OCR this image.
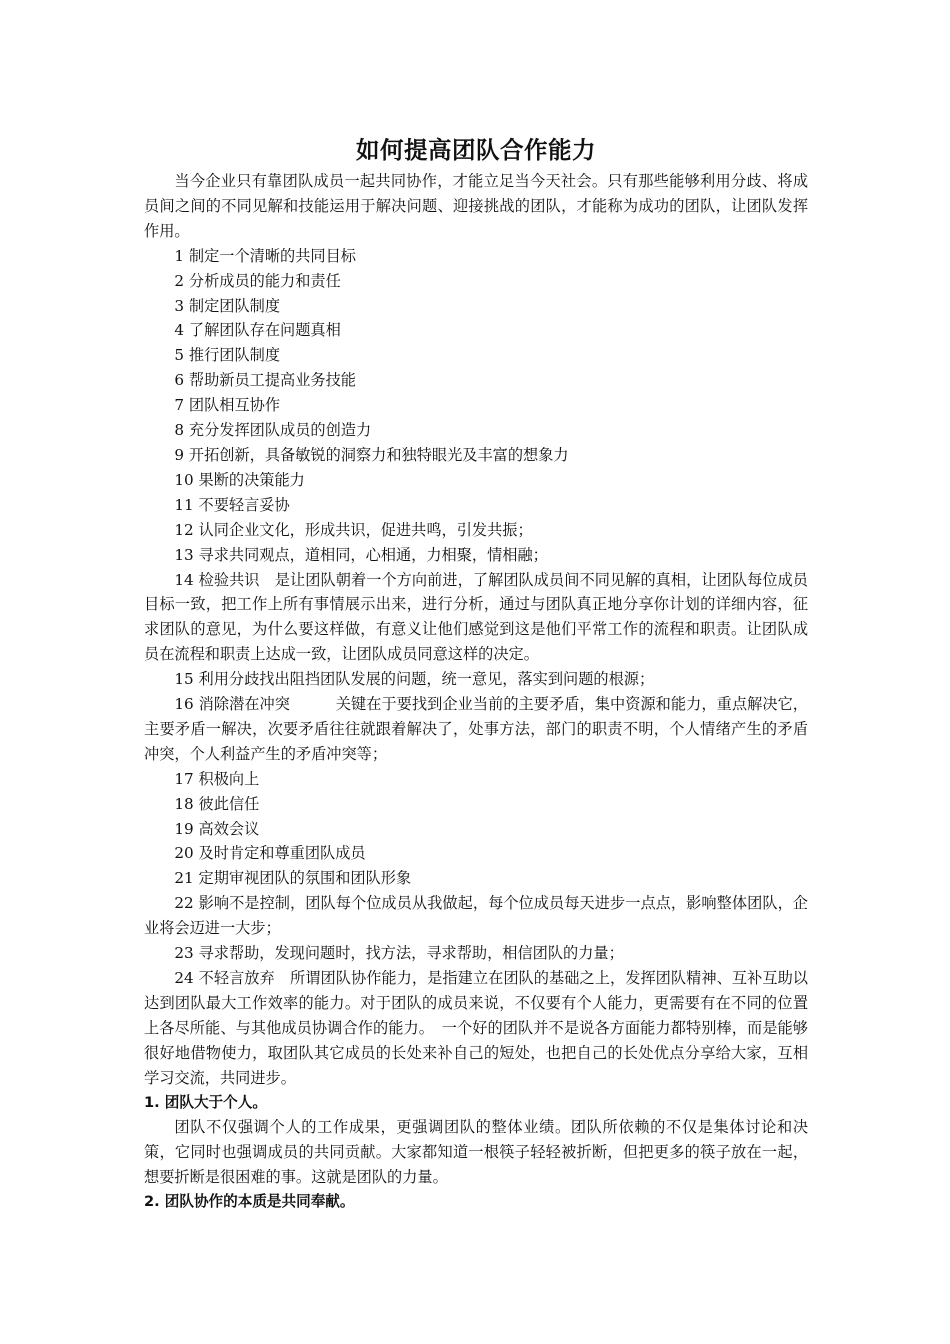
如何提高团队合作能力

当今企业只有靠团队成员一起共同协作，才能立足当今天社会。只有那些能够利用分歧、将成员间之间的不同见解和技能运用于解决问题、迎接挑战的团队，才能称为成功的团队，让团队发挥作用。

1 制定一个清晰的共同目标

2 分析成员的能力和责任

3 制定团队制度

4 了解团队存在问题真相

5 推行团队制度

6 帮助新员工提高业务技能

7 团队相互协作

8 充分发挥团队成员的创造力

9 开拓创新，具备敏锐的洞察力和独特眼光及丰富的想象力

10 果断的决策能力

11 不要轻言妥协

12 认同企业文化，形成共识，促进共鸣，引发共振；

13 寻求共同观点，道相同，心相通，力相聚，情相融；

14 检验共识　是让团队朝着一个方向前进，了解团队成员间不同见解的真相，让团队每位成员目标一致，把工作上所有事情展示出来，进行分析，通过与团队真正地分享你计划的详细内容，征求团队的意见，为什么要这样做，有意义让他们感觉到这是他们平常工作的流程和职责。让团队成员在流程和职责上达成一致，让团队成员同意这样的决定。

15 利用分歧找出阻挡团队发展的问题，统一意见，落实到问题的根源；

16 消除潜在冲突　　　关键在于要找到企业当前的主要矛盾，集中资源和能力，重点解决它，主要矛盾一解决，次要矛盾往往就跟着解决了，处事方法，部门的职责不明，个人情绪产生的矛盾冲突，个人利益产生的矛盾冲突等；

17 积极向上

18 彼此信任

19 高效会议

20 及时肯定和尊重团队成员

21 定期审视团队的氛围和团队形象

22 影响不是控制，团队每个位成员从我做起，每个位成员每天进步一点点，影响整体团队，企业将会迈进一大步；

23 寻求帮助，发现问题时，找方法，寻求帮助，相信团队的力量；

24 不轻言放弃　所谓团队协作能力，是指建立在团队的基础之上，发挥团队精神、互补互助以达到团队最大工作效率的能力。对于团队的成员来说，不仅要有个人能力，更需要有在不同的位置上各尽所能、与其他成员协调合作的能力。　一个好的团队并不是说各方面能力都特别棒，而是能够很好地借物使力，取团队其它成员的长处来补自己的短处，也把自己的长处优点分享给大家，互相学习交流，共同进步。

1. 团队大于个人。

团队不仅强调个人的工作成果，更强调团队的整体业绩。团队所依赖的不仅是集体讨论和决策，它同时也强调成员的共同贡献。大家都知道一根筷子轻轻被折断，但把更多的筷子放在一起，想要折断是很困难的事。这就是团队的力量。

2. 团队协作的本质是共同奉献。
